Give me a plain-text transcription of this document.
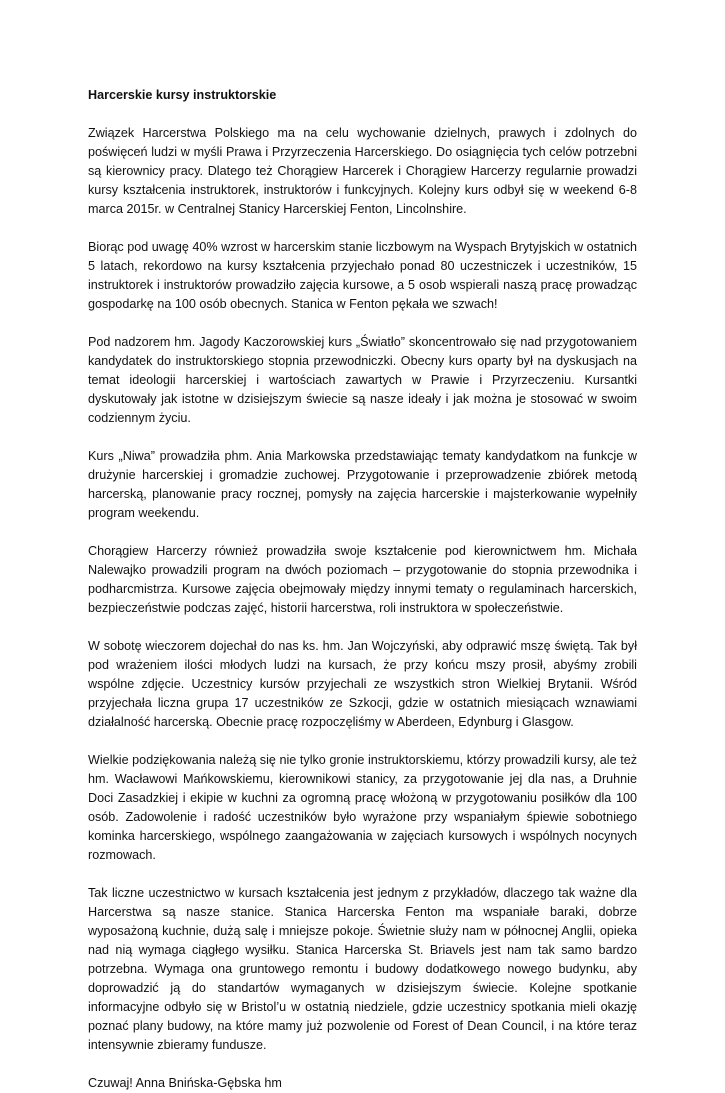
Harcerskie kursy instruktorskie

Związek Harcerstwa Polskiego ma na celu wychowanie dzielnych, prawych i zdolnych do poświęceń ludzi w myśli Prawa i Przyrzeczenia Harcerskiego. Do osiągnięcia tych celów potrzebni są kierownicy pracy. Dlatego też Chorągiew Harcerek i Chorągiew Harcerzy regularnie prowadzi kursy kształcenia instruktorek, instruktorów i funkcyjnych. Kolejny kurs odbył się w weekend 6-8 marca 2015r. w Centralnej Stanicy Harcerskiej Fenton, Lincolnshire.

Biorąc pod uwagę 40% wzrost w harcerskim stanie liczbowym na Wyspach Brytyjskich w ostatnich 5 latach, rekordowo na kursy kształcenia przyjechało ponad 80 uczestniczek i uczestników, 15 instruktorek i instruktorów prowadziło zajęcia kursowe, a 5 osob wspierali naszą pracę prowadząc gospodarkę na 100 osób obecnych. Stanica w Fenton pękała we szwach!

Pod nadzorem hm. Jagody Kaczorowskiej kurs „Światło” skoncentrowało się nad przygotowaniem kandydatek do instruktorskiego stopnia przewodniczki. Obecny kurs oparty był na dyskusjach na temat ideologii harcerskiej i wartościach zawartych w Prawie i Przyrzeczeniu. Kursantki dyskutowały jak istotne w dzisiejszym świecie są nasze ideały i jak można je stosować w swoim codziennym życiu.

Kurs „Niwa” prowadziła phm. Ania Markowska przedstawiając tematy kandydatkom na funkcje w drużynie harcerskiej i gromadzie zuchowej. Przygotowanie i przeprowadzenie zbiórek metodą harcerską, planowanie pracy rocznej, pomysły na zajęcia harcerskie i majsterkowanie wypełniły program weekendu.

Chorągiew Harcerzy również prowadziła swoje kształcenie pod kierownictwem hm. Michała Nalewajko prowadzili program na dwóch poziomach – przygotowanie do stopnia przewodnika i podharcmistrza. Kursowe zajęcia obejmowały między innymi tematy o regulaminach harcerskich, bezpieczeństwie podczas zajęć, historii harcerstwa, roli instruktora w społeczeństwie.

W sobotę wieczorem dojechał do nas ks. hm. Jan Wojczyński, aby odprawić mszę świętą. Tak był pod wrażeniem ilości młodych ludzi na kursach, że przy końcu mszy prosił, abyśmy zrobili wspólne zdjęcie. Uczestnicy kursów przyjechali ze wszystkich stron Wielkiej Brytanii. Wśród przyjechała liczna grupa 17 uczestników ze Szkocji, gdzie w ostatnich miesiącach wznawiami działalność harcerską. Obecnie pracę rozpoczęliśmy w Aberdeen, Edynburg i Glasgow.

Wielkie podziękowania należą się nie tylko gronie instruktorskiemu, którzy prowadzili kursy, ale też hm. Wacławowi Mańkowskiemu, kierownikowi stanicy, za przygotowanie jej dla nas, a Druhnie Doci Zasadzkiej i ekipie w kuchni za ogromną pracę włożoną w przygotowaniu posiłków dla 100 osób. Zadowolenie i radość uczestników było wyrażone przy wspaniałym śpiewie sobotniego kominka harcerskiego, wspólnego zaangażowania w zajęciach kursowych i wspólnych nocynych rozmowach.

Tak liczne uczestnictwo w kursach kształcenia jest jednym z przykładów, dlaczego tak ważne dla Harcerstwa są nasze stanice. Stanica Harcerska Fenton ma wspaniałe baraki, dobrze wyposażoną kuchnie, dużą salę i mniejsze pokoje. Świetnie służy nam w północnej Anglii, opieka nad nią wymaga ciągłego wysiłku. Stanica Harcerska St. Briavels jest nam tak samo bardzo potrzebna. Wymaga ona gruntowego remontu i budowy dodatkowego nowego budynku, aby doprowadzić ją do standartów wymaganych w dzisiejszym świecie. Kolejne spotkanie informacyjne odbyło się w Bristol’u w ostatnią niedziele, gdzie uczestnicy spotkania mieli okazję poznać plany budowy, na które mamy już pozwolenie od Forest of Dean Council, i na które teraz intensywnie zbieramy fundusze.

Czuwaj! Anna Bnińska-Gębska hm
